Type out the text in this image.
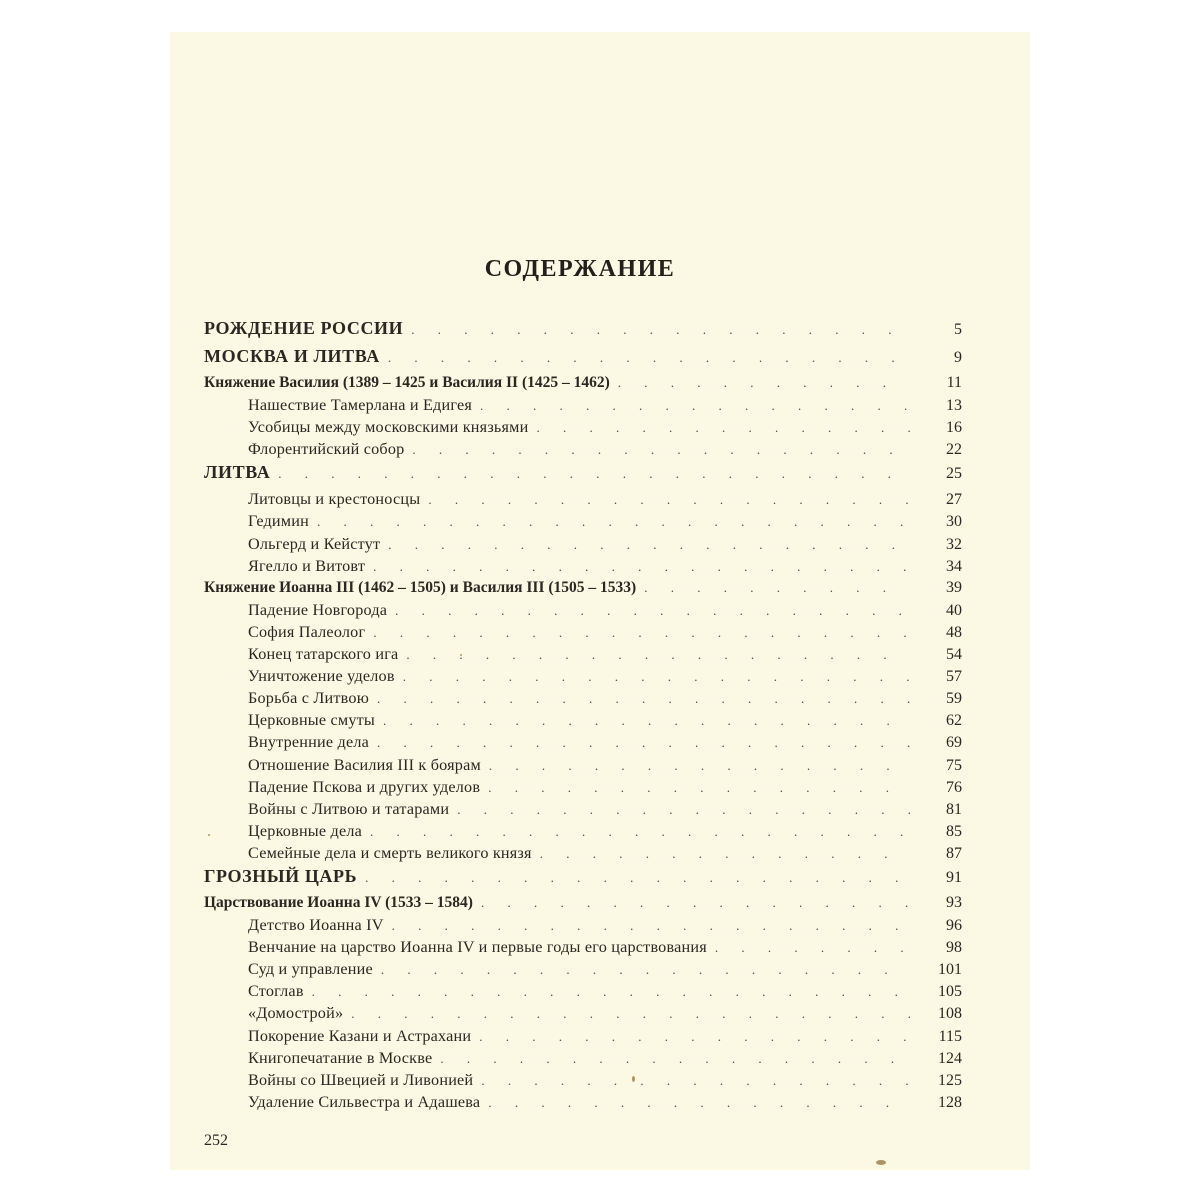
СОДЕРЖАНИЕ
РОЖДЕНИЕ РОССИИ . . .	5
МОСКВА И ЛИТВА . . .	9
Княжение Василия (1389 – 1425 и Василия II (1425 – 1462) . . .	11
Нашествие Тамерлана и Едигея . . .	13
Усобицы между московскими князьями . . .	16
Флорентийский собор . . .	22
ЛИТВА . . .	25
Литовцы и крестоносцы . . .	27
Гедимин . . .	30
Ольгерд и Кейстут . . .	32
Ягелло и Витовт . . .	34
Княжение Иоанна III (1462 – 1505) и Василия III (1505 – 1533) . . .	39
Падение Новгорода . . .	40
София Палеолог . . .	48
Конец татарского ига . . .	54
Уничтожение уделов . . .	57
Борьба с Литвою . . .	59
Церковные смуты . . .	62
Внутренние дела . . .	69
Отношение Василия III к боярам . . .	75
Падение Пскова и других уделов . . .	76
Войны с Литвою и татарами . . .	81
Церковные дела . . .	85
Семейные дела и смерть великого князя . . .	87
ГРОЗНЫЙ ЦАРЬ . . .	91
Царствование Иоанна IV (1533 – 1584) . . .	93
Детство Иоанна IV . . .	96
Венчание на царство Иоанна IV и первые годы его царствования . . .	98
Суд и управление . . .	101
Стоглав . . .	105
«Домострой» . . .	108
Покорение Казани и Астрахани . . .	115
Книгопечатание в Москве . . .	124
Войны со Швецией и Ливонией . . .	125
Удаление Сильвестра и Адашева . . .	128
252
